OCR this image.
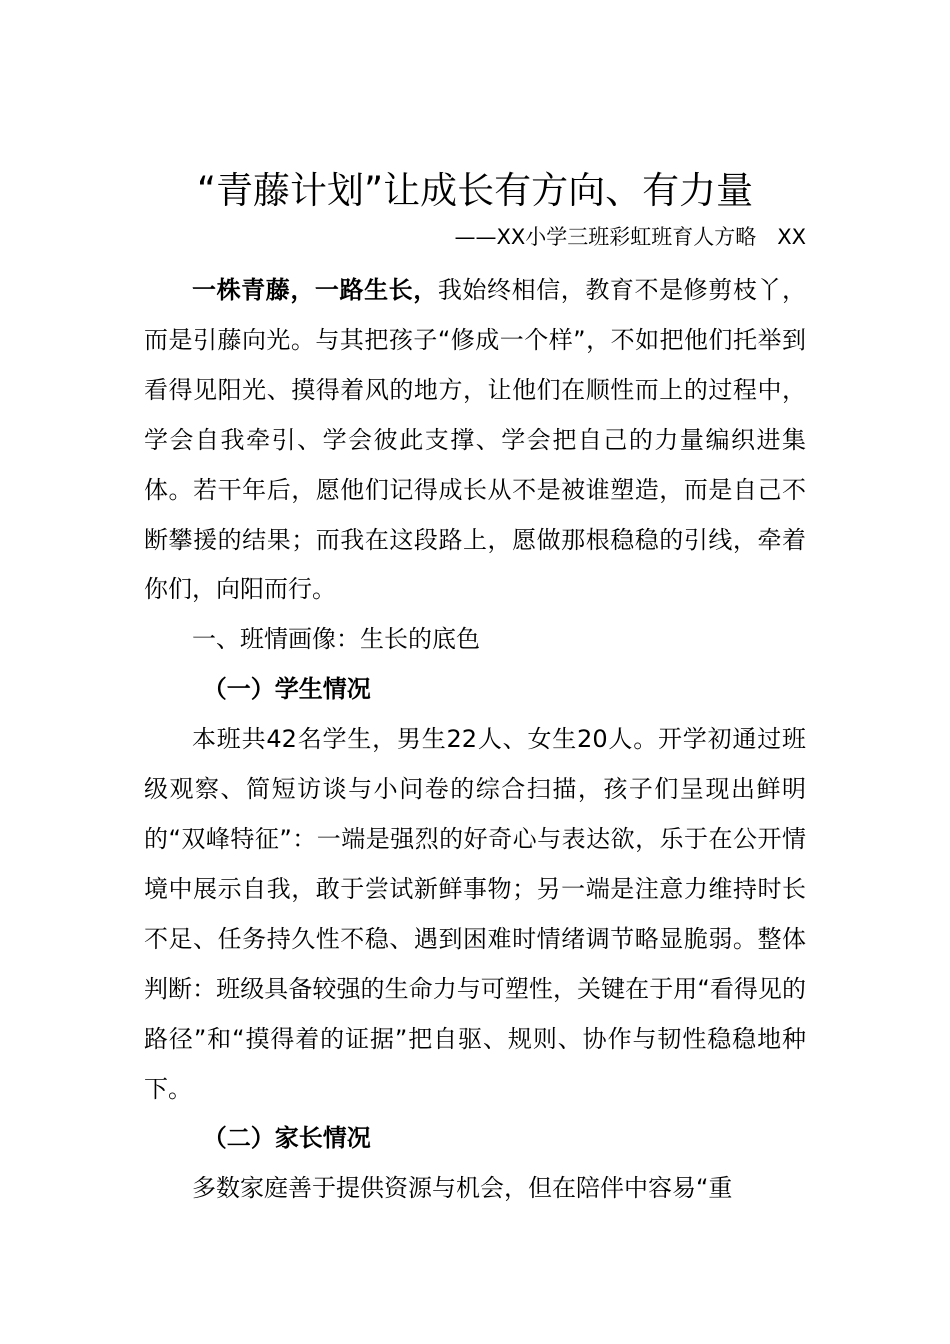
“青藤计划”让成长有方向、有力量
——XX小学三班彩虹班育人方略　XX

一株青藤，一路生长，我始终相信，教育不是修剪枝丫，而是引藤向光。与其把孩子“修成一个样”，不如把他们托举到看得见阳光、摸得着风的地方，让他们在顺性而上的过程中，学会自我牵引、学会彼此支撑、学会把自己的力量编织进集体。若干年后，愿他们记得成长从不是被谁塑造，而是自己不断攀援的结果；而我在这段路上，愿做那根稳稳的引线，牵着你们，向阳而行。

一、班情画像：生长的底色

（一）学生情况

本班共42名学生，男生22人、女生20人。开学初通过班级观察、简短访谈与小问卷的综合扫描，孩子们呈现出鲜明的“双峰特征”：一端是强烈的好奇心与表达欲，乐于在公开情境中展示自我，敢于尝试新鲜事物；另一端是注意力维持时长不足、任务持久性不稳、遇到困难时情绪调节略显脆弱。整体判断：班级具备较强的生命力与可塑性，关键在于用“看得见的路径”和“摸得着的证据”把自驱、规则、协作与韧性稳稳地种下。

（二）家长情况

多数家庭善于提供资源与机会，但在陪伴中容易“重
